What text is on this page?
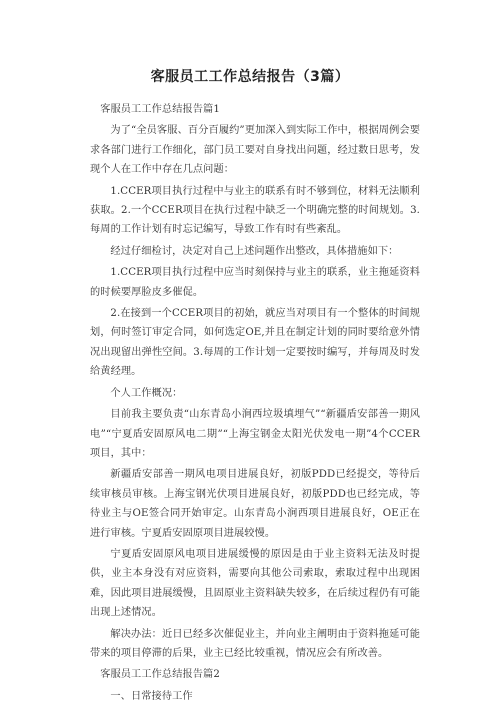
客服员工工作总结报告（3篇）

客服员工工作总结报告篇1

为了“全员客服、百分百履约”更加深入到实际工作中，根据周例会要求各部门进行工作细化，部门员工要对自身找出问题，经过数日思考，发现个人在工作中存在几点问题：

1.CCER项目执行过程中与业主的联系有时不够到位，材料无法顺利获取。2.一个CCER项目在执行过程中缺乏一个明确完整的时间规划。3.每周的工作计划有时忘记编写，导致工作有时有些紊乱。

经过仔细检讨，决定对自己上述问题作出整改，具体措施如下：

1.CCER项目执行过程中应当时刻保持与业主的联系，业主拖延资料的时候要厚脸皮多催促。

2.在接到一个CCER项目的初始，就应当对项目有一个整体的时间规划，何时签订审定合同，如何选定OE,并且在制定计划的同时要给意外情况出现留出弹性空间。3.每周的工作计划一定要按时编写，并每周及时发给黄经理。

个人工作概况：

目前我主要负责“山东青岛小涧西垃圾填埋气”“新疆盾安部善一期风电”“宁夏盾安固原风电二期”“上海宝钢金太阳光伏发电一期”4个CCER项目，其中：

新疆盾安部善一期风电项目进展良好，初版PDD已经提交，等待后续审核员审核。上海宝钢光伏项目进展良好，初版PDD也已经完成，等待业主与OE签合同开始审定。山东青岛小涧西项目进展良好，OE正在进行审核。宁夏盾安固原项目进展较慢。

宁夏盾安固原风电项目进展缓慢的原因是由于业主资料无法及时提供，业主本身没有对应资料，需要向其他公司索取，索取过程中出现困难，因此项目进展缓慢，且固原业主资料缺失较多，在后续过程仍有可能出现上述情况。

解决办法：近日已经多次催促业主，并向业主阐明由于资料拖延可能带来的项目停滞的后果，业主已经比较重视，情况应会有所改善。

客服员工工作总结报告篇2

一、日常接待工作
